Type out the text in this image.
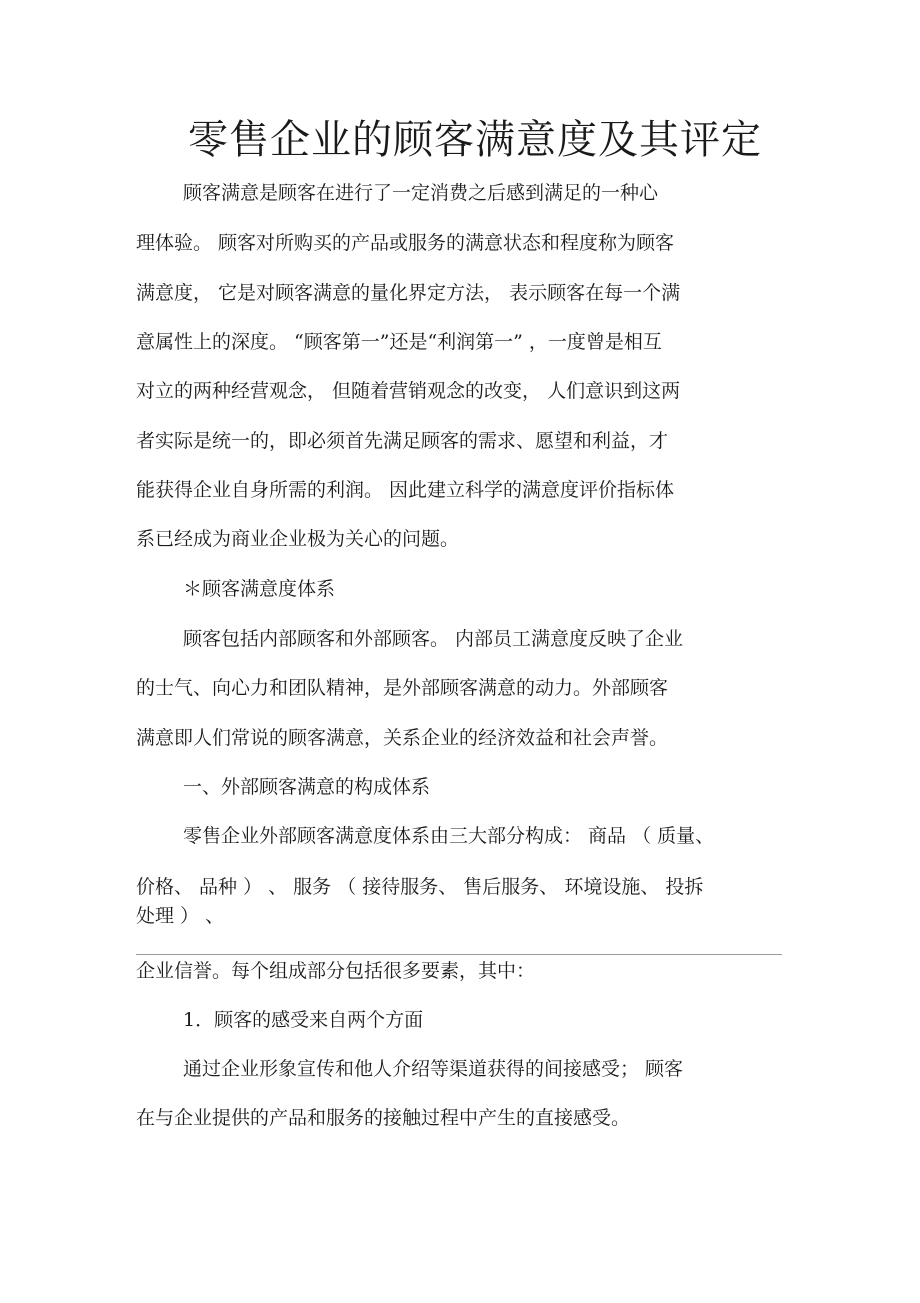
零售企业的顾客满意度及其评定
顾客满意是顾客在进行了一定消费之后感到满足的一种心
理体验。 顾客对所购买的产品或服务的满意状态和程度称为顾客
满意度， 它是对顾客满意的量化界定方法， 表示顾客在每一个满
意属性上的深度。 “顾客第一”还是“利润第一” ，一度曾是相互
对立的两种经营观念， 但随着营销观念的改变， 人们意识到这两
者实际是统一的，即必须首先满足顾客的需求、愿望和利益，才
能获得企业自身所需的利润。 因此建立科学的满意度评价指标体
系已经成为商业企业极为关心的问题。
＊顾客满意度体系
顾客包括内部顾客和外部顾客。 内部员工满意度反映了企业
的士气、向心力和团队精神，是外部顾客满意的动力。外部顾客
满意即人们常说的顾客满意，关系企业的经济效益和社会声誉。
一、外部顾客满意的构成体系
零售企业外部顾客满意度体系由三大部分构成： 商品 （ 质量、
价格、 品种 ） 、 服务 （ 接待服务、 售后服务、 环境设施、 投拆
处理 ） 、
企业信誉。每个组成部分包括很多要素，其中：
1．顾客的感受来自两个方面
通过企业形象宣传和他人介绍等渠道获得的间接感受； 顾客
在与企业提供的产品和服务的接触过程中产生的直接感受。
